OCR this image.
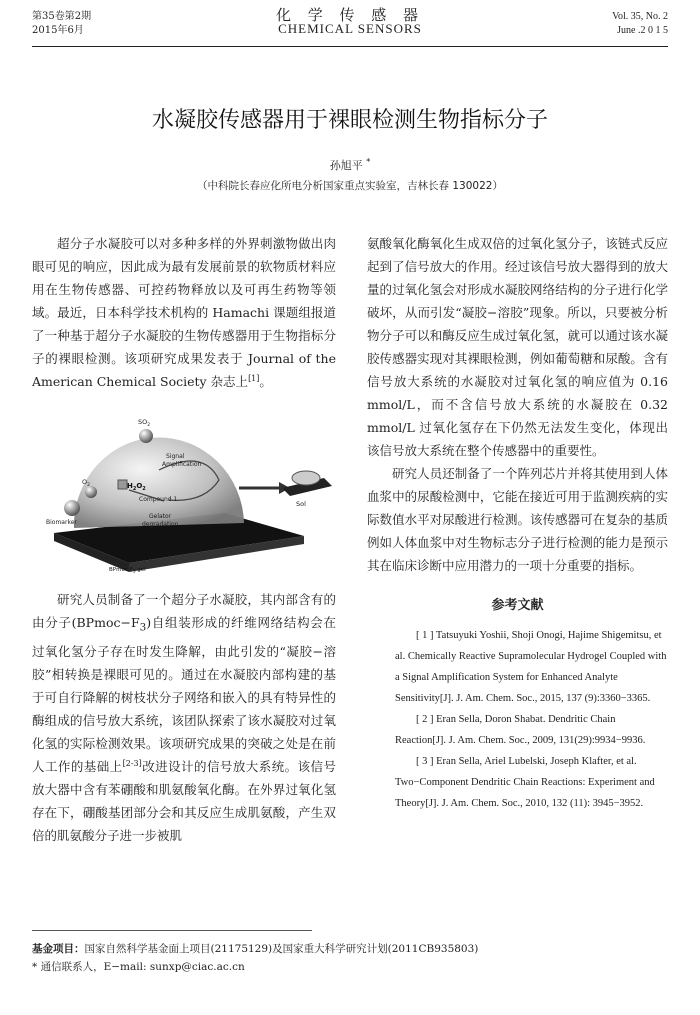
第35卷第2期
2015年6月
化 学 传 感 器
CHEMICAL SENSORS
Vol. 35, No. 2
June .2 0 1 5
水凝胶传感器用于裸眼检测生物指标分子
孙旭平 *
（中科院长春应化所电分析国家重点实验室，吉林长春 130022）

超分子水凝胶可以对多种多样的外界刺激物做出肉眼可见的响应，因此成为最有发展前景的软物质材料应用在生物传感器、可控药物释放以及可再生药物等领域。最近，日本科学技术机构的 Hamachi 课题组报道了一种基于超分子水凝胶的生物传感器用于生物指标分子的裸眼检测。该项研究成果发表于 Journal of the American Chemical Society 杂志上[1]。

$SO_2$
Signal
Amplification
$O_2$	$H_2O_2$
Compound 1
Biomarker
Gelator
degradation
Sol
BPmoc-$F_3$ gel

研究人员制备了一个超分子水凝胶，其内部含有的由分子$(BPmoc-F_3)$自组装形成的纤维网络结构会在过氧化氢分子存在时发生降解，由此引发的“凝胶−溶胶”相转换是裸眼可见的。通过在水凝胶内部构建的基于可自行降解的树枝状分子网络和嵌入的具有特异性的酶组成的信号放大系统，该团队探索了该水凝胶对过氧化氢的实际检测效果。该项研究成果的突破之处是在前人工作的基础上[2-3]改进设计的信号放大系统。该信号放大器中含有苯硼酸和肌氨酸氧化酶。在外界过氧化氢存在下，硼酸基团部分会和其反应生成肌氨酸，产生双倍的肌氨酸分子进一步被肌

氨酸氧化酶氧化生成双倍的过氧化氢分子，该链式反应起到了信号放大的作用。经过该信号放大器得到的放大量的过氧化氢会对形成水凝胶网络结构的分子进行化学破坏，从而引发“凝胶−溶胶”现象。所以，只要被分析物分子可以和酶反应生成过氧化氢，就可以通过该水凝胶传感器实现对其裸眼检测，例如葡萄糖和尿酸。含有信号放大系统的水凝胶对过氧化氢的响应值为 0.16 mmol/L，而不含信号放大系统的水凝胶在 0.32 mmol/L 过氧化氢存在下仍然无法发生变化，体现出该信号放大系统在整个传感器中的重要性。

研究人员还制备了一个阵列芯片并将其使用到人体血浆中的尿酸检测中，它能在接近可用于监测疾病的实际数值水平对尿酸进行检测。该传感器可在复杂的基质例如人体血浆中对生物标志分子进行检测的能力是预示其在临床诊断中应用潜力的一项十分重要的指标。

参考文献

[ 1 ] Tatsuyuki Yoshii, Shoji Onogi, Hajime Shigemitsu, et al. Chemically Reactive Supramolecular Hydrogel Coupled with a Signal Amplification System for Enhanced Analyte Sensitivity[J]. J. Am. Chem. Soc., 2015, 137 (9):3360−3365.

[ 2 ] Eran Sella, Doron Shabat. Dendritic Chain Reaction[J]. J. Am. Chem. Soc., 2009, 131(29):9934−9936.

[ 3 ] Eran Sella, Ariel Lubelski, Joseph Klafter, et al. Two−Component Dendritic Chain Reactions: Experiment and Theory[J]. J. Am. Chem. Soc., 2010, 132 (11): 3945−3952.

基金项目：国家自然科学基金面上项目(21175129)及国家重大科学研究计划(2011CB935803)
* 通信联系人，E−mail: sunxp@ciac.ac.cn
